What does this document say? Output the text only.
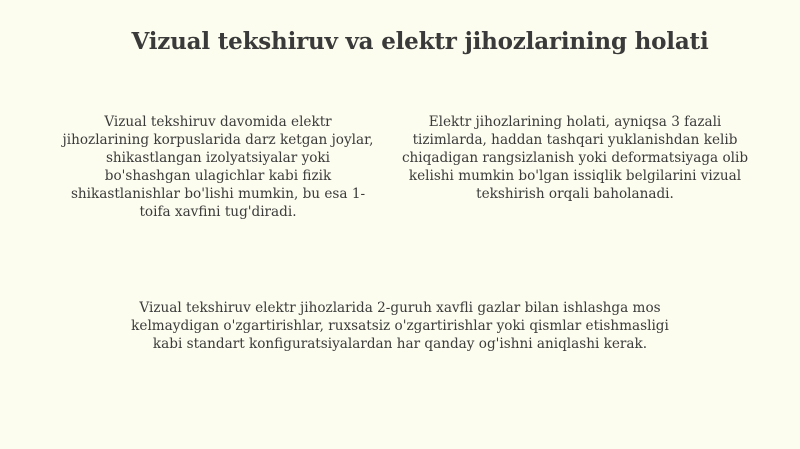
Vizual tekshiruv va elektr jihozlarining holati

Vizual tekshiruv davomida elektr jihozlarining korpuslarida darz ketgan joylar, shikastlangan izolyatsiyalar yoki bo'shashgan ulagichlar kabi fizik shikastlanishlar bo'lishi mumkin, bu esa 1-toifa xavfini tug'diradi.

Elektr jihozlarining holati, ayniqsa 3 fazali tizimlarda, haddan tashqari yuklanishdan kelib chiqadigan rangsizlanish yoki deformatsiyaga olib kelishi mumkin bo'lgan issiqlik belgilarini vizual tekshirish orqali baholanadi.

Vizual tekshiruv elektr jihozlarida 2-guruh xavfli gazlar bilan ishlashga mos kelmaydigan o'zgartirishlar, ruxsatsiz o'zgartirishlar yoki qismlar etishmasligi kabi standart konfiguratsiyalardan har qanday og'ishni aniqlashi kerak.
